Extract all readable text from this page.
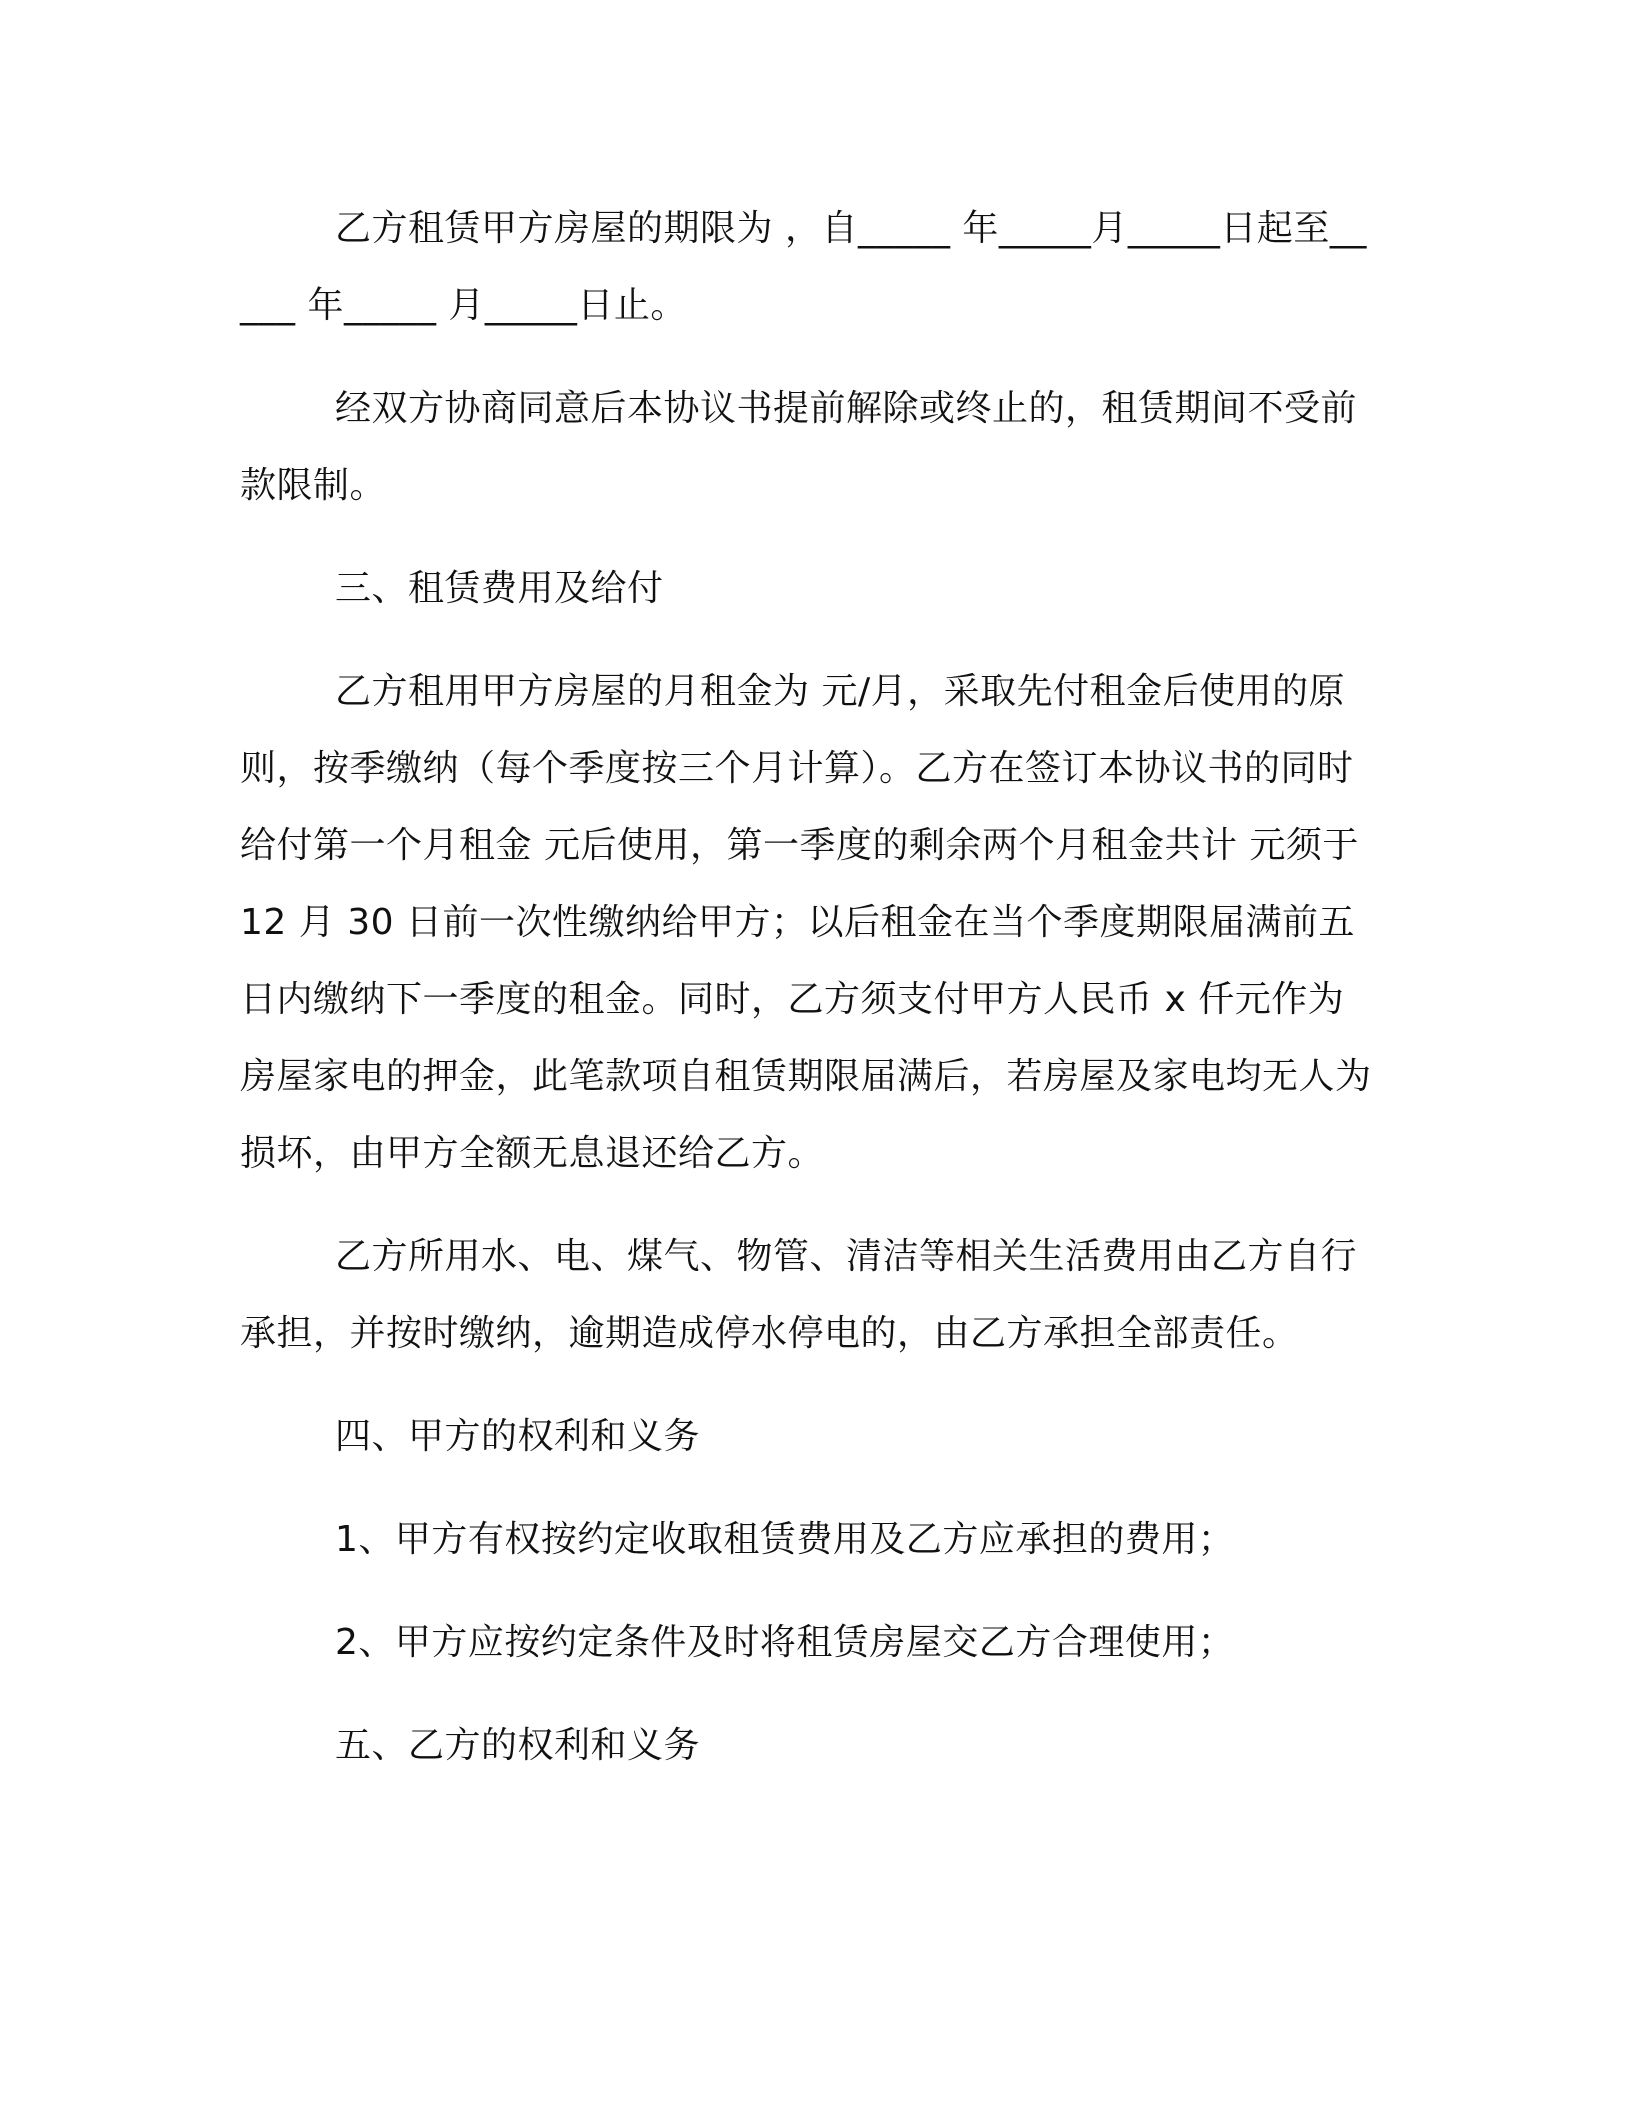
乙方租赁甲方房屋的期限为 ，自_____ 年_____月_____日起至_____ 年_____ 月_____日止。

经双方协商同意后本协议书提前解除或终止的，租赁期间不受前款限制。

三、租赁费用及给付

乙方租用甲方房屋的月租金为 元/月，采取先付租金后使用的原则，按季缴纳（每个季度按三个月计算）。乙方在签订本协议书的同时给付第一个月租金 元后使用，第一季度的剩余两个月租金共计 元须于 12 月 30 日前一次性缴纳给甲方；以后租金在当个季度期限届满前五日内缴纳下一季度的租金。同时，乙方须支付甲方人民币 x 仟元作为房屋家电的押金，此笔款项自租赁期限届满后，若房屋及家电均无人为损坏，由甲方全额无息退还给乙方。

乙方所用水、电、煤气、物管、清洁等相关生活费用由乙方自行承担，并按时缴纳，逾期造成停水停电的，由乙方承担全部责任。

四、甲方的权利和义务

1、甲方有权按约定收取租赁费用及乙方应承担的费用；

2、甲方应按约定条件及时将租赁房屋交乙方合理使用；

五、乙方的权利和义务
